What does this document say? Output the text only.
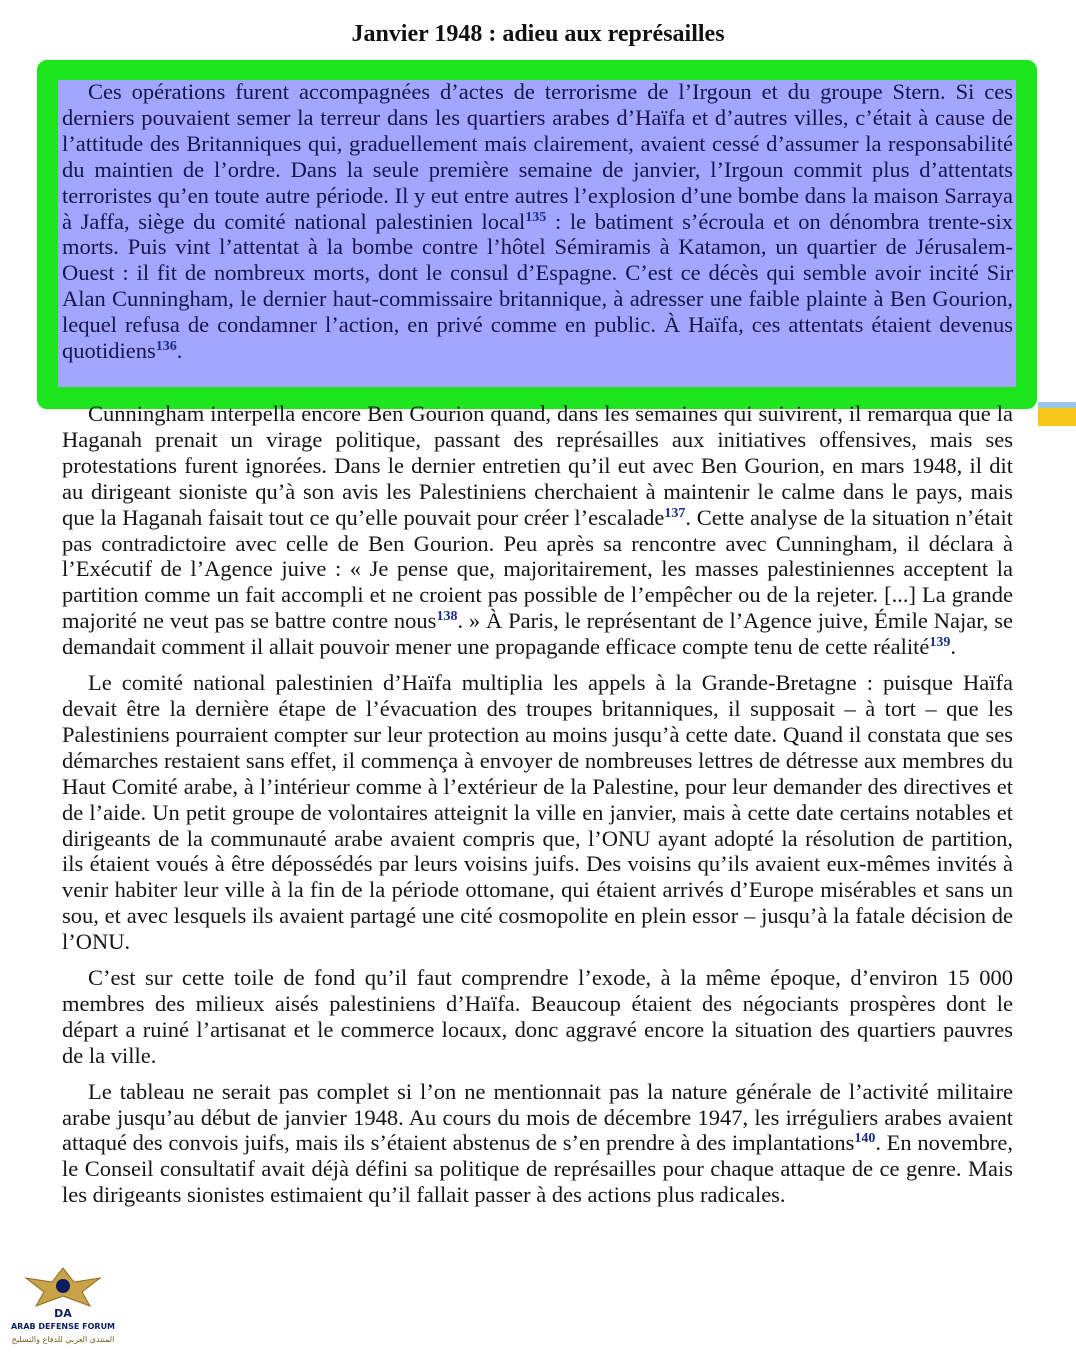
Janvier 1948 : adieu aux représailles

Ces opérations furent accompagnées d’actes de terrorisme de l’Irgoun et du groupe Stern. Si ces derniers pouvaient semer la terreur dans les quartiers arabes d’Haïfa et d’autres villes, c’était à cause de l’attitude des Britanniques qui, graduellement mais clairement, avaient cessé d’assumer la responsabilité du maintien de l’ordre. Dans la seule première semaine de janvier, l’Irgoun commit plus d’attentats terroristes qu’en toute autre période. Il y eut entre autres l’explosion d’une bombe dans la maison Sarraya à Jaffa, siège du comité national palestinien local$^{135}$ : le batiment s’écroula et on dénombra trente-six morts. Puis vint l’attentat à la bombe contre l’hôtel Sémiramis à Katamon, un quartier de Jérusalem-Ouest : il fit de nombreux morts, dont le consul d’Espagne. C’est ce décès qui semble avoir incité Sir Alan Cunningham, le dernier haut-commissaire britannique, à adresser une faible plainte à Ben Gourion, lequel refusa de condamner l’action, en privé comme en public. À Haïfa, ces attentats étaient devenus quotidiens$^{136}$.

Cunningham interpella encore Ben Gourion quand, dans les semaines qui suivirent, il remarqua que la Haganah prenait un virage politique, passant des représailles aux initiatives offensives, mais ses protestations furent ignorées. Dans le dernier entretien qu’il eut avec Ben Gourion, en mars 1948, il dit au dirigeant sioniste qu’à son avis les Palestiniens cherchaient à maintenir le calme dans le pays, mais que la Haganah faisait tout ce qu’elle pouvait pour créer l’escalade$^{137}$. Cette analyse de la situation n’était pas contradictoire avec celle de Ben Gourion. Peu après sa rencontre avec Cunningham, il déclara à l’Exécutif de l’Agence juive : « Je pense que, majoritairement, les masses palestiniennes acceptent la partition comme un fait accompli et ne croient pas possible de l’empêcher ou de la rejeter. [...] La grande majorité ne veut pas se battre contre nous$^{138}$. » À Paris, le représentant de l’Agence juive, Émile Najar, se demandait comment il allait pouvoir mener une propagande efficace compte tenu de cette réalité$^{139}$.

Le comité national palestinien d’Haïfa multiplia les appels à la Grande-Bretagne : puisque Haïfa devait être la dernière étape de l’évacuation des troupes britanniques, il supposait – à tort – que les Palestiniens pourraient compter sur leur protection au moins jusqu’à cette date. Quand il constata que ses démarches restaient sans effet, il commença à envoyer de nombreuses lettres de détresse aux membres du Haut Comité arabe, à l’intérieur comme à l’extérieur de la Palestine, pour leur demander des directives et de l’aide. Un petit groupe de volontaires atteignit la ville en janvier, mais à cette date certains notables et dirigeants de la communauté arabe avaient compris que, l’ONU ayant adopté la résolution de partition, ils étaient voués à être dépossédés par leurs voisins juifs. Des voisins qu’ils avaient eux-mêmes invités à venir habiter leur ville à la fin de la période ottomane, qui étaient arrivés d’Europe misérables et sans un sou, et avec lesquels ils avaient partagé une cité cosmopolite en plein essor – jusqu’à la fatale décision de l’ONU.

C’est sur cette toile de fond qu’il faut comprendre l’exode, à la même époque, d’environ 15 000 membres des milieux aisés palestiniens d’Haïfa. Beaucoup étaient des négociants prospères dont le départ a ruiné l’artisanat et le commerce locaux, donc aggravé encore la situation des quartiers pauvres de la ville.

Le tableau ne serait pas complet si l’on ne mentionnait pas la nature générale de l’activité militaire arabe jusqu’au début de janvier 1948. Au cours du mois de décembre 1947, les irréguliers arabes avaient attaqué des convois juifs, mais ils s’étaient abstenus de s’en prendre à des implantations$^{140}$. En novembre, le Conseil consultatif avait déjà défini sa politique de représailles pour chaque attaque de ce genre. Mais les dirigeants sionistes estimaient qu’il fallait passer à des actions plus radicales.

DA
ARAB DEFENSE FORUM
المنتدى العربي للدفاع والتسليح
